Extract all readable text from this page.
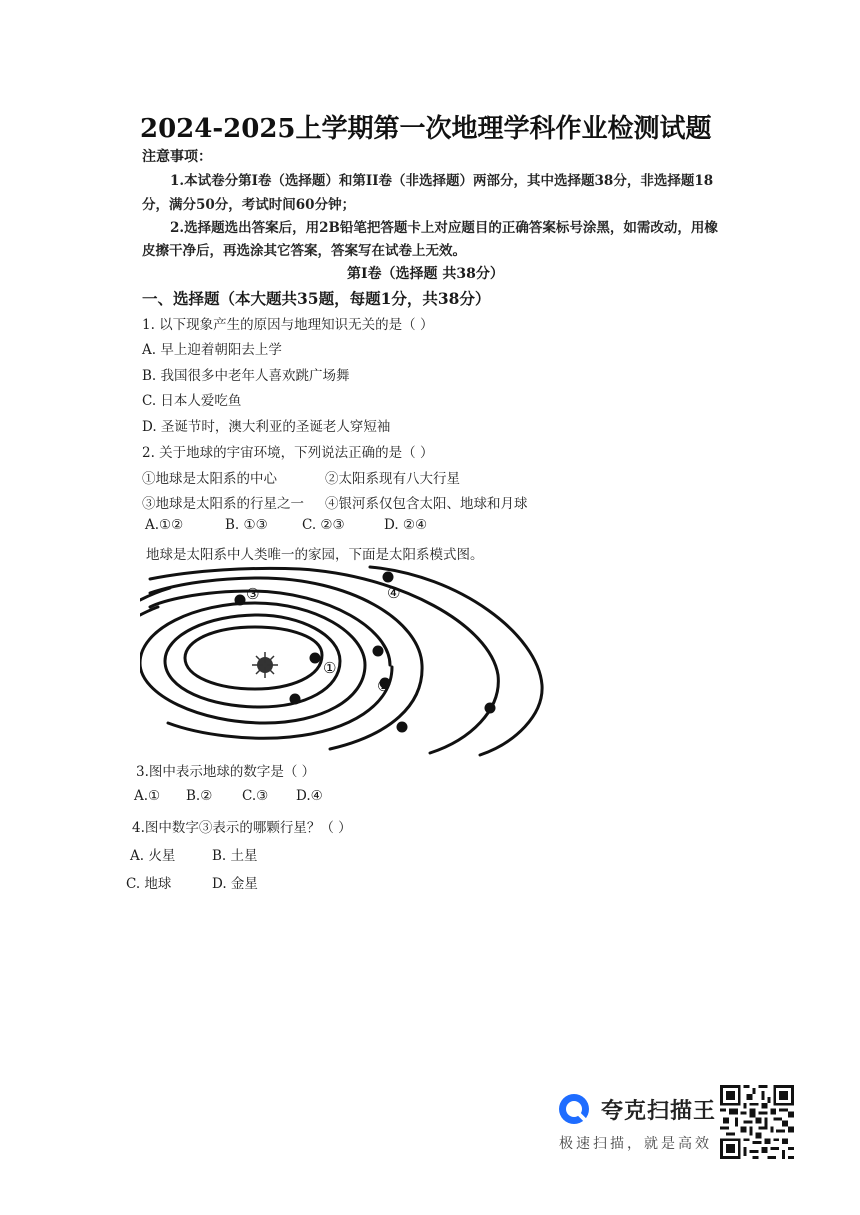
2024-2025上学期第一次地理学科作业检测试题
注意事项：
1.本试卷分第I卷（选择题）和第II卷（非选择题）两部分，其中选择题38分，非选择题18
分，满分50分，考试时间60分钟；
2.选择题选出答案后，用2B铅笔把答题卡上对应题目的正确答案标号涂黑，如需改动，用橡
皮擦干净后，再选涂其它答案，答案写在试卷上无效。
第I卷（选择题 共38分）
一、选择题（本大题共35题，每题1分，共38分）
1. 以下现象产生的原因与地理知识无关的是（ ）
A. 早上迎着朝阳去上学
B. 我国很多中老年人喜欢跳广场舞
C. 日本人爱吃鱼
D. 圣诞节时，澳大利亚的圣诞老人穿短袖
2. 关于地球的宇宙环境，下列说法正确的是（ ）
①地球是太阳系的中心	②太阳系现有八大行星
③地球是太阳系的行星之一 ④银河系仅包含太阳、地球和月球
A.①②	B. ①③	C. ②③	D. ②④
地球是太阳系中人类唯一的家园，下面是太阳系模式图。
①
②
③	④
3.图中表示地球的数字是（ ）
A.① B.② C.③ D.④
4.图中数字③表示的哪颗行星？（ ）
A. 火星	B. 土星
C. 地球	D. 金星
夸克扫描王
极速扫描，就是高效
